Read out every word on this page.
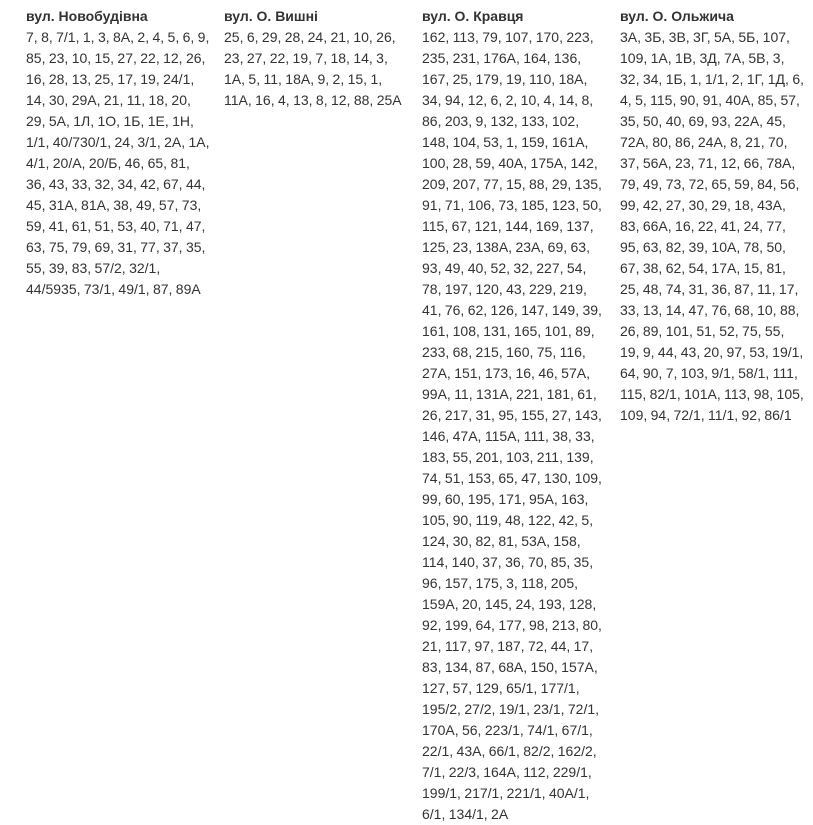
вул. Новобудівна

7, 8, 7/1, 1, 3, 8А, 2, 4, 5, 6, 9, 85, 23, 10, 15, 27, 22, 12, 26, 16, 28, 13, 25, 17, 19, 24/1, 14, 30, 29А, 21, 11, 18, 20, 29, 5А, 1Л, 1О, 1Б, 1Е, 1Н, 1/1, 40/730/1, 24, 3/1, 2А, 1А, 4/1, 20/А, 20/Б, 46, 65, 81, 36, 43, 33, 32, 34, 42, 67, 44, 45, 31А, 81А, 38, 49, 57, 73, 59, 41, 61, 51, 53, 40, 71, 47, 63, 75, 79, 69, 31, 77, 37, 35, 55, 39, 83, 57/2, 32/1, 44/5935, 73/1, 49/1, 87, 89А

вул. О. Вишні

25, 6, 29, 28, 24, 21, 10, 26, 23, 27, 22, 19, 7, 18, 14, 3, 1А, 5, 11, 18А, 9, 2, 15, 1, 11А, 16, 4, 13, 8, 12, 88, 25А

вул. О. Кравця

162, 113, 79, 107, 170, 223, 235, 231, 176А, 164, 136, 167, 25, 179, 19, 110, 18А, 34, 94, 12, 6, 2, 10, 4, 14, 8, 86, 203, 9, 132, 133, 102, 148, 104, 53, 1, 159, 161А, 100, 28, 59, 40А, 175А, 142, 209, 207, 77, 15, 88, 29, 135, 91, 71, 106, 73, 185, 123, 50, 115, 67, 121, 144, 169, 137, 125, 23, 138А, 23А, 69, 63, 93, 49, 40, 52, 32, 227, 54, 78, 197, 120, 43, 229, 219, 41, 76, 62, 126, 147, 149, 39, 161, 108, 131, 165, 101, 89, 233, 68, 215, 160, 75, 116, 27А, 151, 173, 16, 46, 57А, 99А, 11, 131А, 221, 181, 61, 26, 217, 31, 95, 155, 27, 143, 146, 47А, 115А, 111, 38, 33, 183, 55, 201, 103, 211, 139, 74, 51, 153, 65, 47, 130, 109, 99, 60, 195, 171, 95А, 163, 105, 90, 119, 48, 122, 42, 5, 124, 30, 82, 81, 53А, 158, 114, 140, 37, 36, 70, 85, 35, 96, 157, 175, 3, 118, 205, 159А, 20, 145, 24, 193, 128, 92, 199, 64, 177, 98, 213, 80, 21, 117, 97, 187, 72, 44, 17, 83, 134, 87, 68А, 150, 157А, 127, 57, 129, 65/1, 177/1, 195/2, 27/2, 19/1, 23/1, 72/1, 170А, 56, 223/1, 74/1, 67/1, 22/1, 43А, 66/1, 82/2, 162/2, 7/1, 22/3, 164А, 112, 229/1, 199/1, 217/1, 221/1, 40А/1, 6/1, 134/1, 2А

вул. О. Ольжича

3А, 3Б, 3В, 3Г, 5А, 5Б, 107, 109, 1А, 1В, 3Д, 7А, 5В, 3, 32, 34, 1Б, 1, 1/1, 2, 1Г, 1Д, 6, 4, 5, 115, 90, 91, 40А, 85, 57, 35, 50, 40, 69, 93, 22А, 45, 72А, 80, 86, 24А, 8, 21, 70, 37, 56А, 23, 71, 12, 66, 78А, 79, 49, 73, 72, 65, 59, 84, 56, 99, 42, 27, 30, 29, 18, 43А, 83, 66А, 16, 22, 41, 24, 77, 95, 63, 82, 39, 10А, 78, 50, 67, 38, 62, 54, 17А, 15, 81, 25, 48, 74, 31, 36, 87, 11, 17, 33, 13, 14, 47, 76, 68, 10, 88, 26, 89, 101, 51, 52, 75, 55, 19, 9, 44, 43, 20, 97, 53, 19/1, 64, 90, 7, 103, 9/1, 58/1, 111, 115, 82/1, 101А, 113, 98, 105, 109, 94, 72/1, 11/1, 92, 86/1
